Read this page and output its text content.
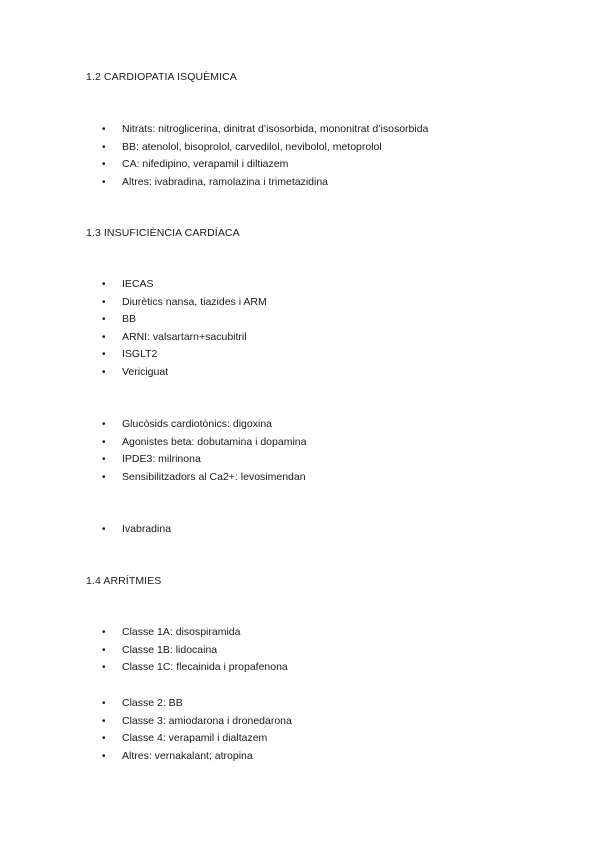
1.2 CARDIOPATIA ISQUÈMICA
• Nitrats: nitroglicerina, dinitrat d’isosorbida, mononitrat d’isosorbida
• BB: atenolol, bisoprolol, carvedilol, nevibolol, metoprolol
• CA: nifedipino, verapamil i diltiazem
• Altres: ivabradina, ramolazina i trimetazidina
1.3 INSUFICIÈNCIA CARDÍACA
• IECAS
• Diurètics nansa, tiazides i ARM
• BB
• ARNI: valsartarn+sacubitril
• ISGLT2
• Vericiguat
• Glucòsids cardiotònics: digoxina
• Agonistes beta: dobutamina i dopamina
• IPDE3: milrinona
• Sensibilitzadors al Ca2+: levosimendan
• Ivabradina
1.4 ARRÍTMIES
• Classe 1A: disospiramida
• Classe 1B: lidocaina
• Classe 1C: flecainida i propafenona
• Classe 2: BB
• Classe 3: amiodarona i dronedarona
• Classe 4: verapamil i dialtazem
• Altres: vernakalant; atropina
